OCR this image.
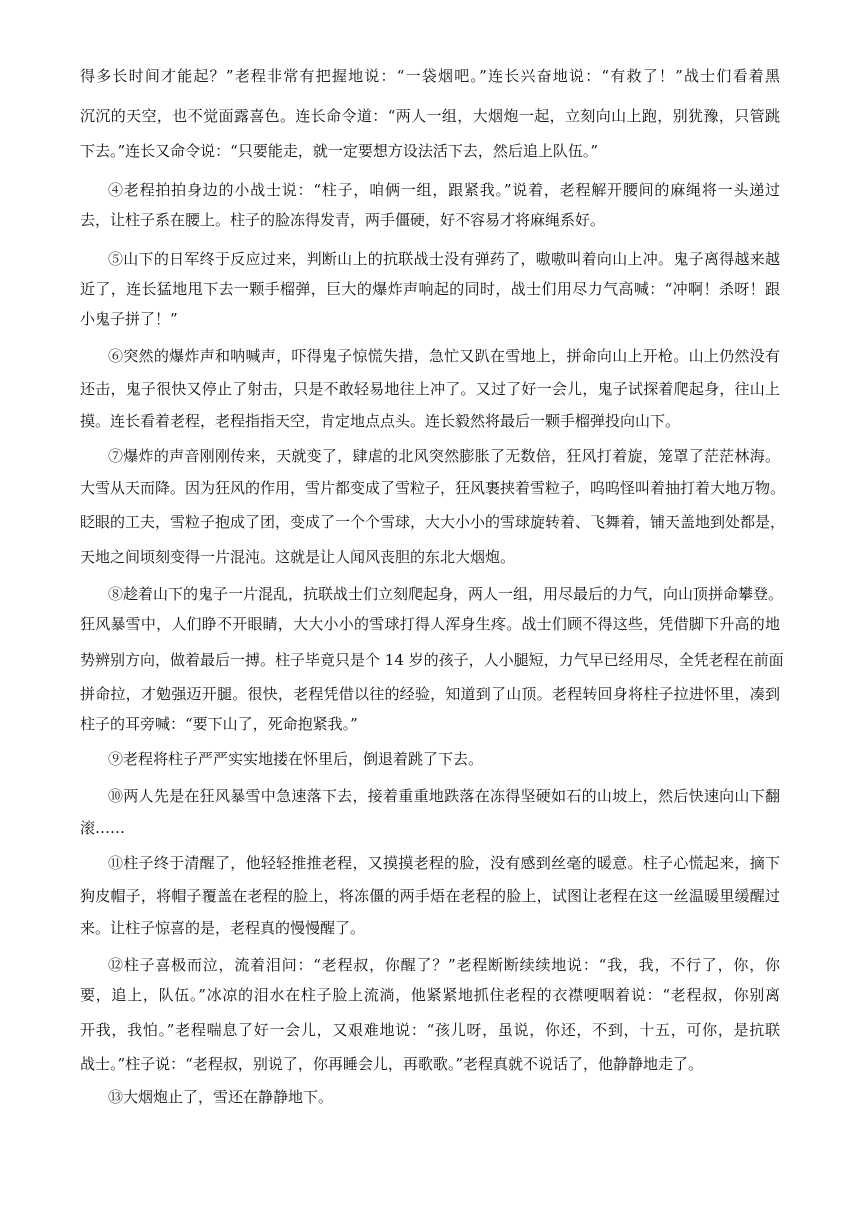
得多长时间才能起？”老程非常有把握地说：“一袋烟吧。”连长兴奋地说：“有救了！”战士们看着黑
沉沉的天空，也不觉面露喜色。连长命令道：“两人一组，大烟炮一起，立刻向山上跑，别犹豫，只管跳
下去。”连长又命令说：“只要能走，就一定要想方设法活下去，然后追上队伍。”
④老程拍拍身边的小战士说：“柱子，咱俩一组，跟紧我。”说着，老程解开腰间的麻绳将一头递过
去，让柱子系在腰上。柱子的脸冻得发青，两手僵硬，好不容易才将麻绳系好。
⑤山下的日军终于反应过来，判断山上的抗联战士没有弹药了，嗷嗷叫着向山上冲。鬼子离得越来越
近了，连长猛地甩下去一颗手榴弹，巨大的爆炸声响起的同时，战士们用尽力气高喊：“冲啊！杀呀！跟
小鬼子拼了！”
⑥突然的爆炸声和呐喊声，吓得鬼子惊慌失措，急忙又趴在雪地上，拼命向山上开枪。山上仍然没有
还击，鬼子很快又停止了射击，只是不敢轻易地往上冲了。又过了好一会儿，鬼子试探着爬起身，往山上
摸。连长看着老程，老程指指天空，肯定地点点头。连长毅然将最后一颗手榴弹投向山下。
⑦爆炸的声音刚刚传来，天就变了，肆虐的北风突然膨胀了无数倍，狂风打着旋，笼罩了茫茫林海。
大雪从天而降。因为狂风的作用，雪片都变成了雪粒子，狂风裹挟着雪粒子，呜呜怪叫着抽打着大地万物。
眨眼的工夫，雪粒子抱成了团，变成了一个个雪球，大大小小的雪球旋转着、飞舞着，铺天盖地到处都是，
天地之间顷刻变得一片混沌。这就是让人闻风丧胆的东北大烟炮。
⑧趁着山下的鬼子一片混乱，抗联战士们立刻爬起身，两人一组，用尽最后的力气，向山顶拼命攀登。
狂风暴雪中，人们睁不开眼睛，大大小小的雪球打得人浑身生疼。战士们顾不得这些，凭借脚下升高的地
势辨别方向，做着最后一搏。柱子毕竟只是个 14 岁的孩子，人小腿短，力气早已经用尽，全凭老程在前面
拼命拉，才勉强迈开腿。很快，老程凭借以往的经验，知道到了山顶。老程转回身将柱子拉进怀里，凑到
柱子的耳旁喊：“要下山了，死命抱紧我。”
⑨老程将柱子严严实实地搂在怀里后，倒退着跳了下去。
⑩两人先是在狂风暴雪中急速落下去，接着重重地跌落在冻得坚硬如石的山坡上，然后快速向山下翻
滚……
⑪柱子终于清醒了，他轻轻推推老程，又摸摸老程的脸，没有感到丝毫的暖意。柱子心慌起来，摘下
狗皮帽子，将帽子覆盖在老程的脸上，将冻僵的两手焐在老程的脸上，试图让老程在这一丝温暖里缓醒过
来。让柱子惊喜的是，老程真的慢慢醒了。
⑫柱子喜极而泣，流着泪问：“老程叔，你醒了？”老程断断续续地说：“我，我，不行了，你，你
要，追上，队伍。”冰凉的泪水在柱子脸上流淌，他紧紧地抓住老程的衣襟哽咽着说：“老程叔，你别离
开我，我怕。”老程喘息了好一会儿，又艰难地说：“孩儿呀，虽说，你还，不到，十五，可你，是抗联
战士。”柱子说：“老程叔，别说了，你再睡会儿，再歌歌。”老程真就不说话了，他静静地走了。
⑬大烟炮止了，雪还在静静地下。
